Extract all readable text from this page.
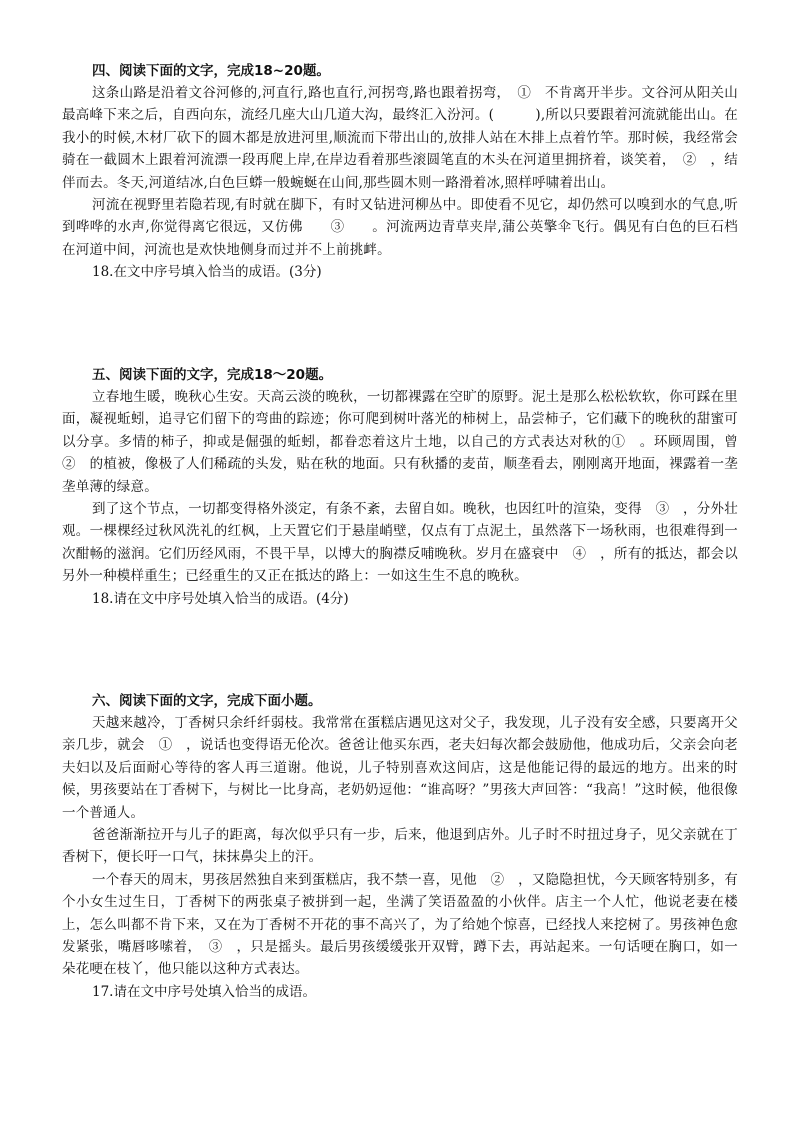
四、阅读下面的文字，完成18~20题。

这条山路是沿着文谷河修的,河直行,路也直行,河拐弯,路也跟着拐弯，　①　不肯离开半步。文谷河从阳关山最高峰下来之后，自西向东，流经几座大山几道大沟，最终汇入汾河。(　　　),所以只要跟着河流就能出山。在我小的时候,木材厂砍下的圆木都是放进河里,顺流而下带出山的,放排人站在木排上点着竹竿。那时候，我经常会骑在一截圆木上跟着河流漂一段再爬上岸,在岸边看着那些滚圆笔直的木头在河道里拥挤着，谈笑着，　②　，结伴而去。冬天,河道结冰,白色巨蟒一般蜿蜒在山间,那些圆木则一路滑着冰,照样呼啸着出山。

河流在视野里若隐若现,有时就在脚下，有时又钻进河柳丛中。即使看不见它，却仍然可以嗅到水的气息,听到哗哗的水声,你觉得离它很远，又仿佛　　③　　。河流两边青草夹岸,蒲公英擎伞飞行。偶见有白色的巨石档在河道中间，河流也是欢快地侧身而过并不上前挑衅。

18.在文中序号填入恰当的成语。(3分)

五、阅读下面的文字，完成18～20题。

立春地生暖，晚秋心生安。天高云淡的晚秋，一切都裸露在空旷的原野。泥土是那么松松软软，你可踩在里面，凝视蚯蚓，追寻它们留下的弯曲的踪迹；你可爬到树叶落光的柿树上，品尝柿子，它们藏下的晚秋的甜蜜可以分享。多情的柿子，抑或是倔强的蚯蚓，都眷恋着这片土地，以自己的方式表达对秋的①　。环顾周围，曾　②　的植被，像极了人们稀疏的头发，贴在秋的地面。只有秋播的麦苗，顺垄看去，刚刚离开地面，裸露着一垄垄单薄的绿意。

到了这个节点，一切都变得格外淡定，有条不紊，去留自如。晚秋，也因红叶的渲染，变得　③　，分外壮观。一棵棵经过秋风洗礼的红枫，上天置它们于悬崖峭壁，仅点有丁点泥土，虽然落下一场秋雨，也很难得到一次酣畅的滋润。它们历经风雨，不畏干旱，以博大的胸襟反哺晚秋。岁月在盛衰中　④　，所有的抵达，都会以另外一种模样重生；已经重生的又正在抵达的路上：一如这生生不息的晚秋。

18.请在文中序号处填入恰当的成语。(4分)

六、阅读下面的文字，完成下面小题。

天越来越冷，丁香树只余纤纤弱枝。我常常在蛋糕店遇见这对父子，我发现，儿子没有安全感，只要离开父亲几步，就会　①　，说话也变得语无伦次。爸爸让他买东西，老夫妇每次都会鼓励他，他成功后，父亲会向老夫妇以及后面耐心等待的客人再三道谢。他说，儿子特别喜欢这间店，这是他能记得的最远的地方。出来的时候，男孩要站在丁香树下，与树比一比身高，老奶奶逗他：“谁高呀？”男孩大声回答：“我高！”这时候，他很像一个普通人。

爸爸渐渐拉开与儿子的距离，每次似乎只有一步，后来，他退到店外。儿子时不时扭过身子，见父亲就在丁香树下，便长吁一口气，抹抹鼻尖上的汗。

一个春天的周末，男孩居然独自来到蛋糕店，我不禁一喜，见他　②　，又隐隐担忧，今天顾客特别多，有个小女生过生日，丁香树下的两张桌子被拼到一起，坐满了笑语盈盈的小伙伴。店主一个人忙，他说老妻在楼上，怎么叫都不肯下来，又在为丁香树不开花的事不高兴了，为了给她个惊喜，已经找人来挖树了。男孩神色愈发紧张，嘴唇哆嗦着，　③　，只是摇头。最后男孩缓缓张开双臂，蹲下去，再站起来。一句话哽在胸口，如一朵花哽在枝丫，他只能以这种方式表达。

17.请在文中序号处填入恰当的成语。
